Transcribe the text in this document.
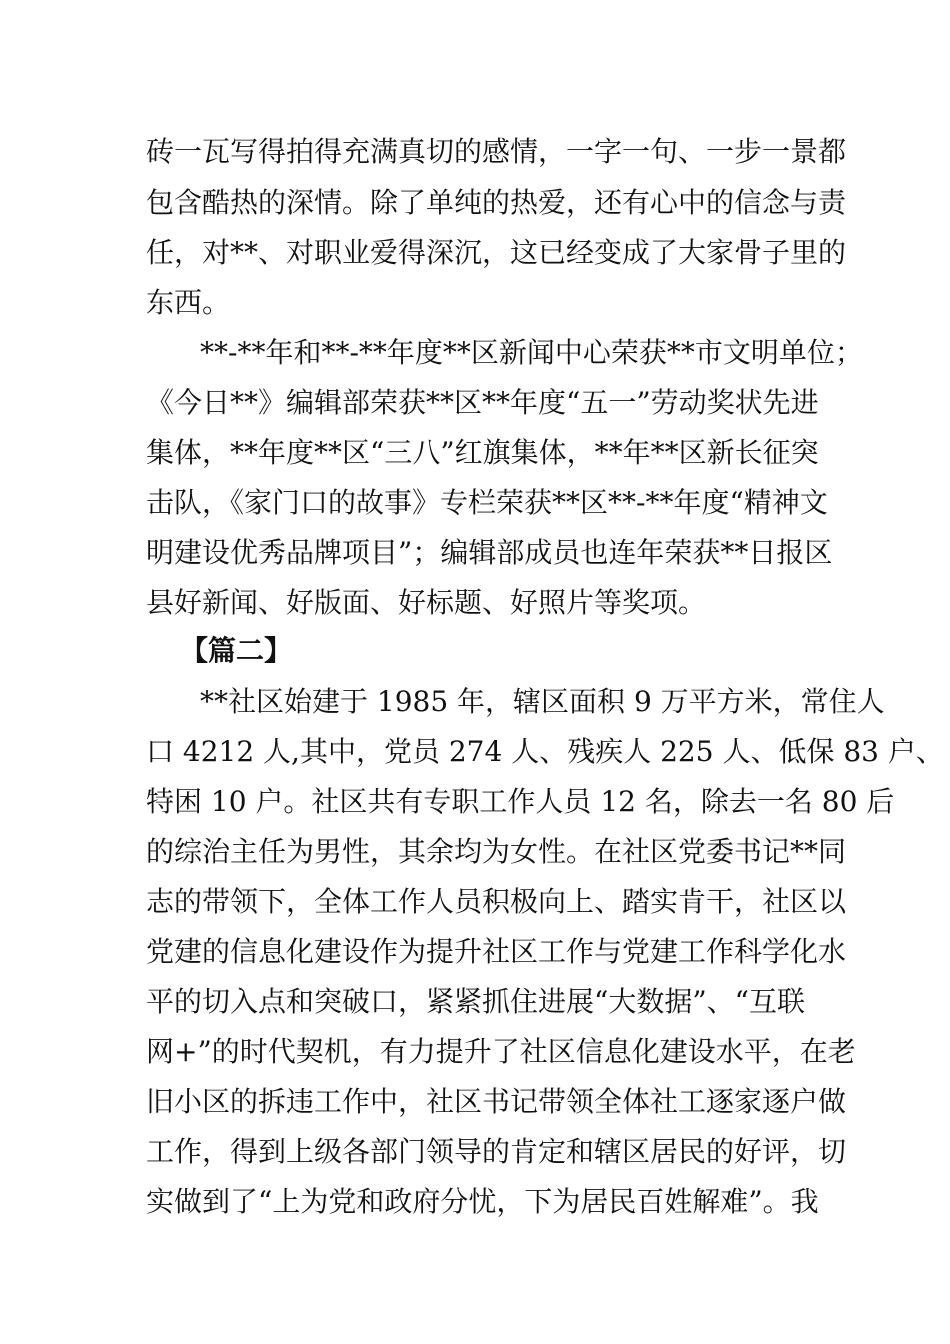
砖一瓦写得拍得充满真切的感情，一字一句、一步一景都

包含酷热的深情。除了单纯的热爱，还有心中的信念与责

任，对**、对职业爱得深沉，这已经变成了大家骨子里的

东西。

**-**年和**-**年度**区新闻中心荣获**市文明单位；

《今日**》编辑部荣获**区**年度“五一”劳动奖状先进

集体，**年度**区“三八”红旗集体，**年**区新长征突

击队，《家门口的故事》专栏荣获**区**-**年度“精神文

明建设优秀品牌项目”；编辑部成员也连年荣获**日报区

县好新闻、好版面、好标题、好照片等奖项。

【篇二】

**社区始建于 1985 年，辖区面积 9 万平方米，常住人

口 4212 人,其中，党员 274 人、残疾人 225 人、低保 83 户、

特困 10 户。社区共有专职工作人员 12 名，除去一名 80 后

的综治主任为男性，其余均为女性。在社区党委书记**同

志的带领下，全体工作人员积极向上、踏实肯干，社区以

党建的信息化建设作为提升社区工作与党建工作科学化水

平的切入点和突破口，紧紧抓住进展“大数据”、“互联

网+”的时代契机，有力提升了社区信息化建设水平，在老

旧小区的拆违工作中，社区书记带领全体社工逐家逐户做

工作，得到上级各部门领导的肯定和辖区居民的好评，切

实做到了“上为党和政府分忧，下为居民百姓解难”。我
